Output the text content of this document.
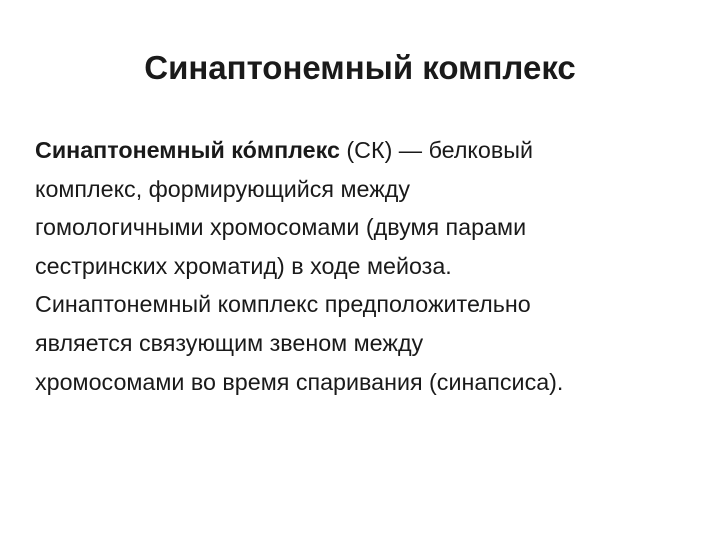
Синаптонемный комплекс

Синаптонемный ко́мплекс (СК) — белковый
комплекс, формирующийся между
гомологичными хромосомами (двумя парами
сестринских хроматид) в ходе мейоза.
Синаптонемный комплекс предположительно
является связующим звеном между
хромосомами во время спаривания (синапсиса).
